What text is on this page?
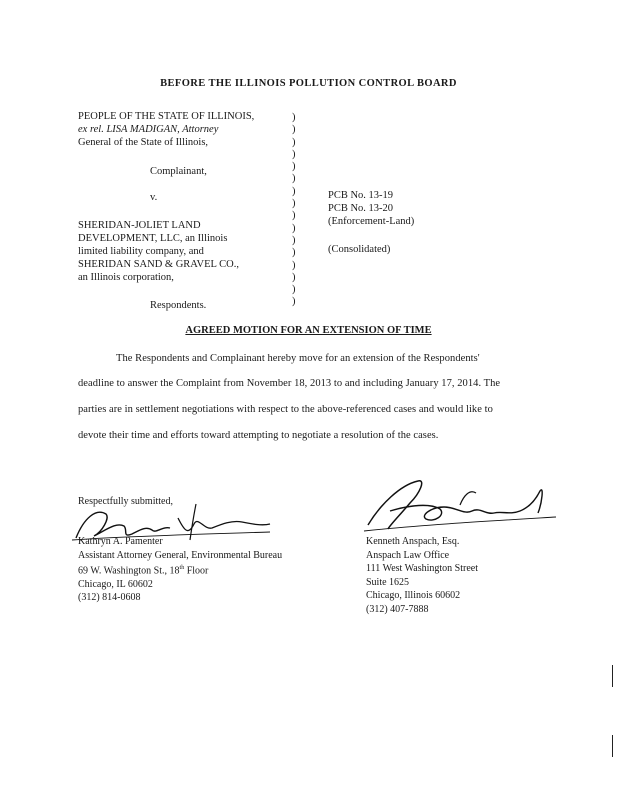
BEFORE THE ILLINOIS POLLUTION CONTROL BOARD
PEOPLE OF THE STATE OF ILLINOIS,
ex rel. LISA MADIGAN, Attorney
General of the State of Illinois,
Complainant,
v.
SHERIDAN-JOLIET LAND
DEVELOPMENT, LLC, an Illinois
limited liability company, and
SHERIDAN SAND & GRAVEL CO.,
an Illinois corporation,
Respondents.
)
)
)
)
)
)
)
)
)
)
)
)
)
)
)
)
PCB No. 13-19
PCB No. 13-20
(Enforcement-Land)
(Consolidated)
AGREED MOTION FOR AN EXTENSION OF TIME
The Respondents and Complainant hereby move for an extension of the Respondents'
deadline to answer the Complaint from November 18, 2013 to and including January 17, 2014. The
parties are in settlement negotiations with respect to the above-referenced cases and would like to
devote their time and efforts toward attempting to negotiate a resolution of the cases.
Respectfully submitted,
Kathryn A. Pamenter
Assistant Attorney General, Environmental Bureau
69 W. Washington St., 18th Floor
Chicago, IL 60602
(312) 814-0608
Kenneth Anspach, Esq.
Anspach Law Office
111 West Washington Street
Suite 1625
Chicago, Illinois 60602
(312) 407-7888
